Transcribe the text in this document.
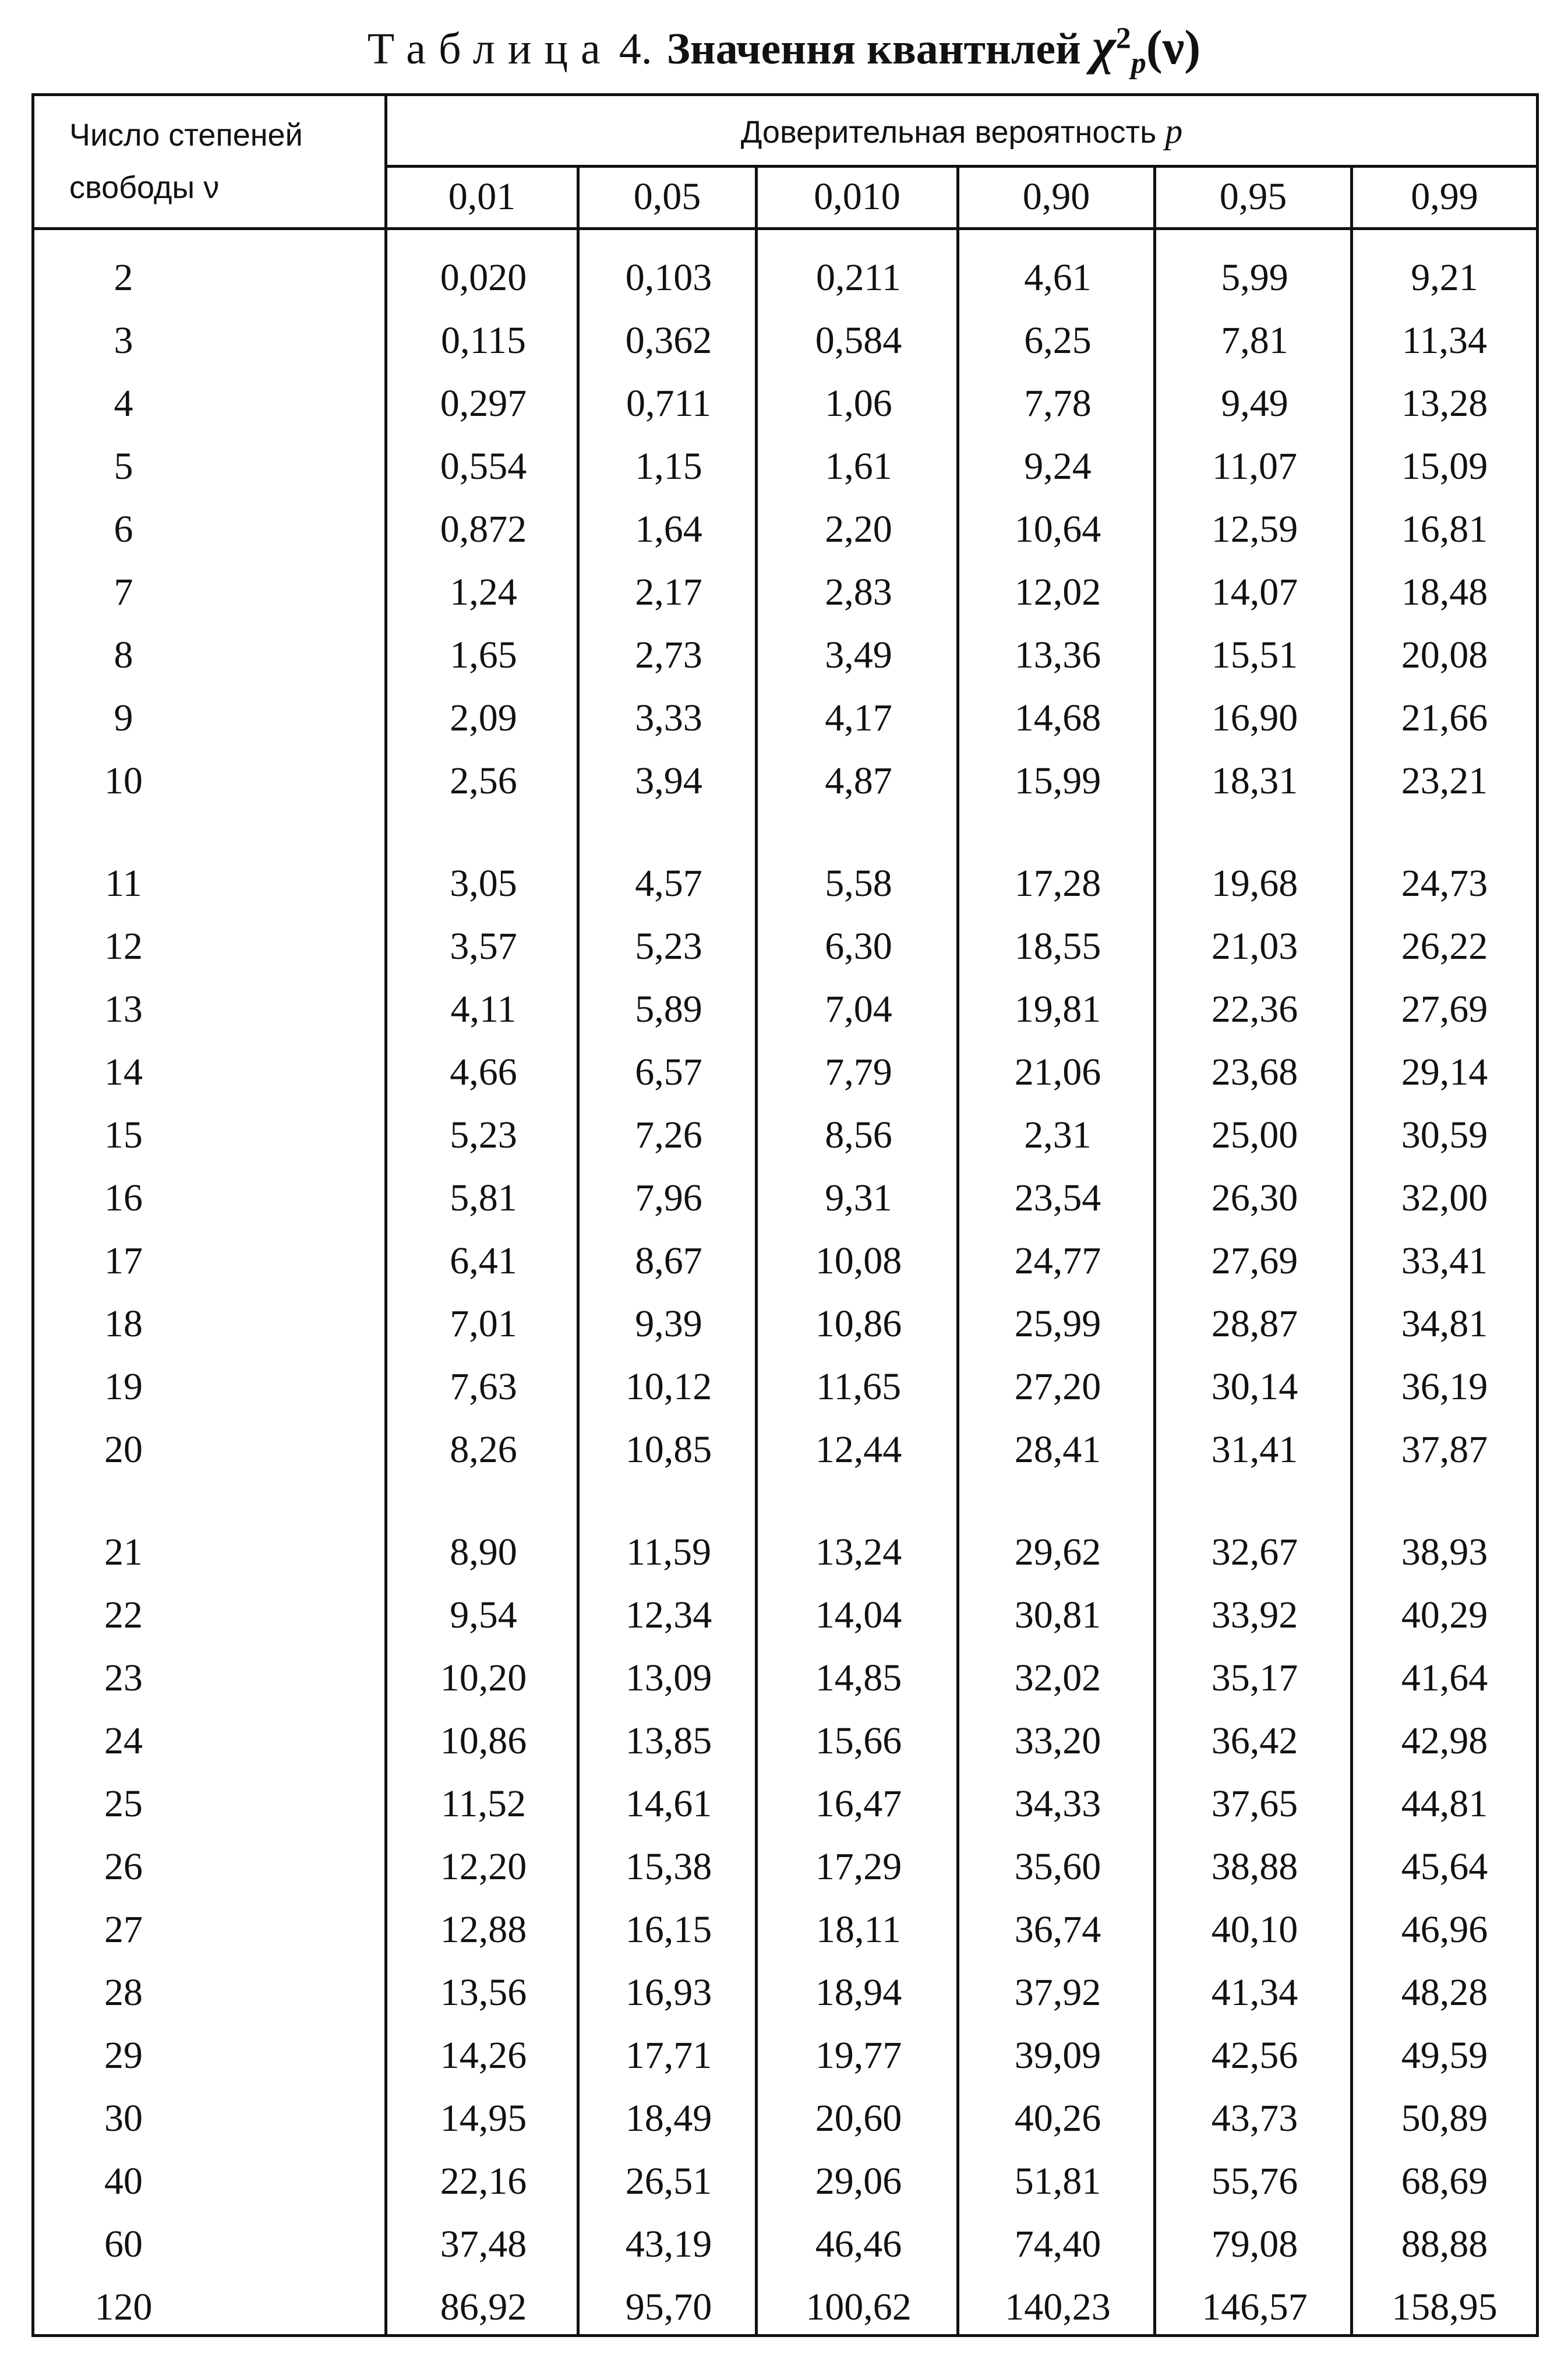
Таблица 4. Значення квантнлей $\chi^2_p(\nu)$
Число степеней
свободы ν
Доверительная вероятность p
0,01	0,05	0,010	0,90	0,95	0,99
2	0,020	0,103	0,211	4,61	5,99	9,21
3	0,115	0,362	0,584	6,25	7,81	11,34
4	0,297	0,711	1,06	7,78	9,49	13,28
5	0,554	1,15	1,61	9,24	11,07	15,09
6	0,872	1,64	2,20	10,64	12,59	16,81
7	1,24	2,17	2,83	12,02	14,07	18,48
8	1,65	2,73	3,49	13,36	15,51	20,08
9	2,09	3,33	4,17	14,68	16,90	21,66
10	2,56	3,94	4,87	15,99	18,31	23,21
11	3,05	4,57	5,58	17,28	19,68	24,73
12	3,57	5,23	6,30	18,55	21,03	26,22
13	4,11	5,89	7,04	19,81	22,36	27,69
14	4,66	6,57	7,79	21,06	23,68	29,14
15	5,23	7,26	8,56	2,31	25,00	30,59
16	5,81	7,96	9,31	23,54	26,30	32,00
17	6,41	8,67	10,08	24,77	27,69	33,41
18	7,01	9,39	10,86	25,99	28,87	34,81
19	7,63	10,12	11,65	27,20	30,14	36,19
20	8,26	10,85	12,44	28,41	31,41	37,87
21	8,90	11,59	13,24	29,62	32,67	38,93
22	9,54	12,34	14,04	30,81	33,92	40,29
23	10,20	13,09	14,85	32,02	35,17	41,64
24	10,86	13,85	15,66	33,20	36,42	42,98
25	11,52	14,61	16,47	34,33	37,65	44,81
26	12,20	15,38	17,29	35,60	38,88	45,64
27	12,88	16,15	18,11	36,74	40,10	46,96
28	13,56	16,93	18,94	37,92	41,34	48,28
29	14,26	17,71	19,77	39,09	42,56	49,59
30	14,95	18,49	20,60	40,26	43,73	50,89
40	22,16	26,51	29,06	51,81	55,76	68,69
60	37,48	43,19	46,46	74,40	79,08	88,88
120	86,92	95,70	100,62	140,23	146,57	158,95
